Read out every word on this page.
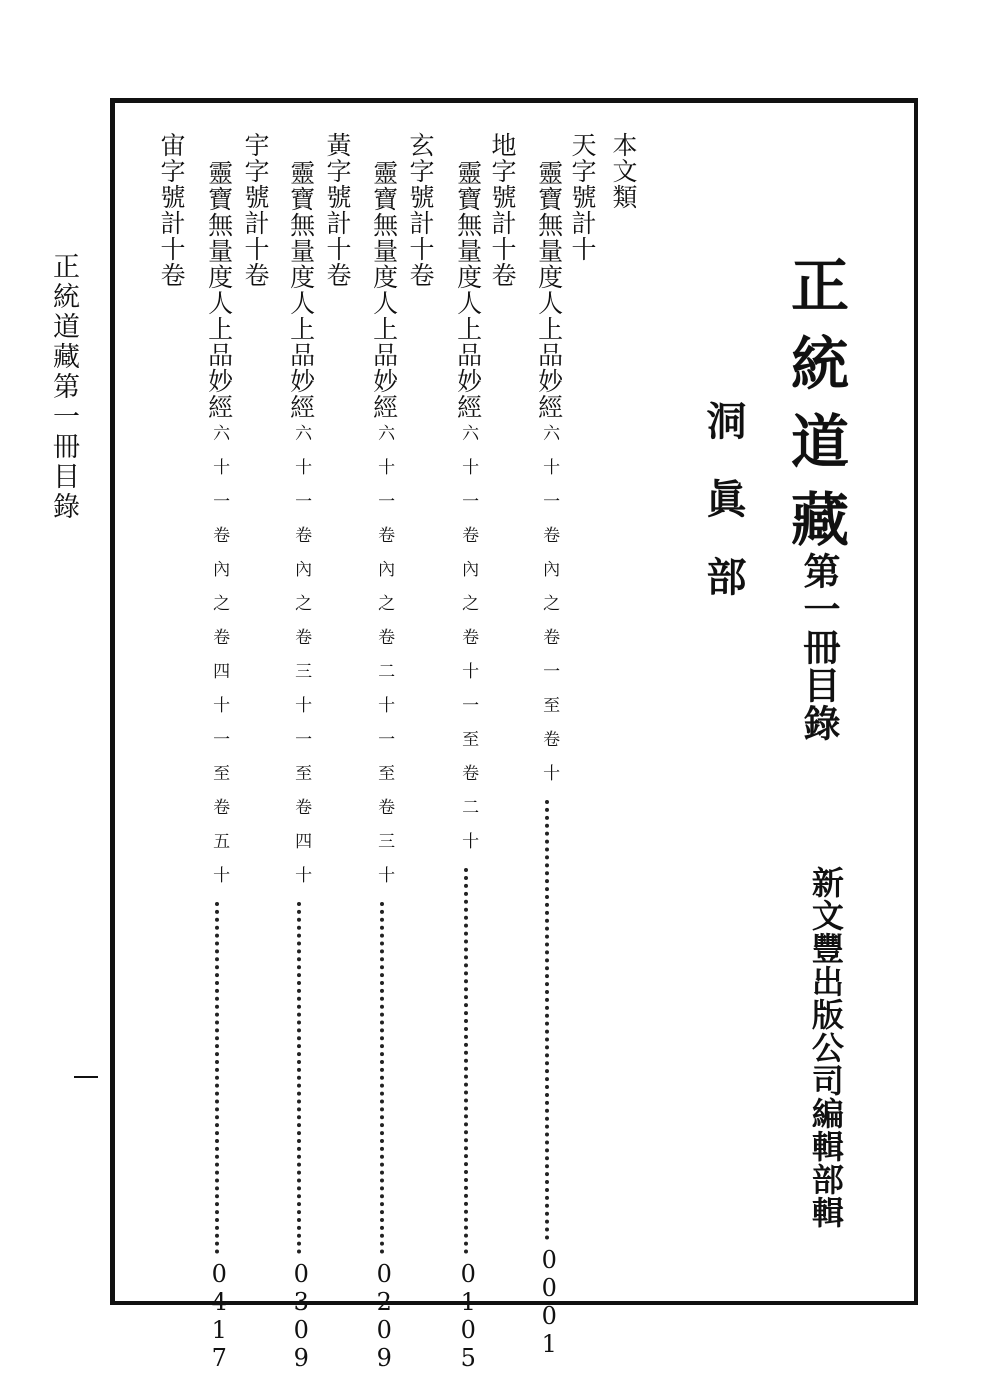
正統道藏第一冊
目錄	正統道藏
第一冊目錄
洞眞部
新文豐出版公司編輯部輯
本文類
天字號計十
靈寶無量度人上品妙經
六十一卷內之卷一至卷十
0001
地字號計十卷
靈寶無量度人上品妙經
六十一卷內之卷十一至卷二十
0105
玄字號計十卷
靈寶無量度人上品妙經
六十一卷內之卷二十一至卷三十
0209
黃字號計十卷
靈寶無量度人上品妙經
六十一卷內之卷三十一至卷四十
0309
宇字號計十卷
靈寶無量度人上品妙經
六十一卷內之卷四十一至卷五十
0417
宙字號計十卷
